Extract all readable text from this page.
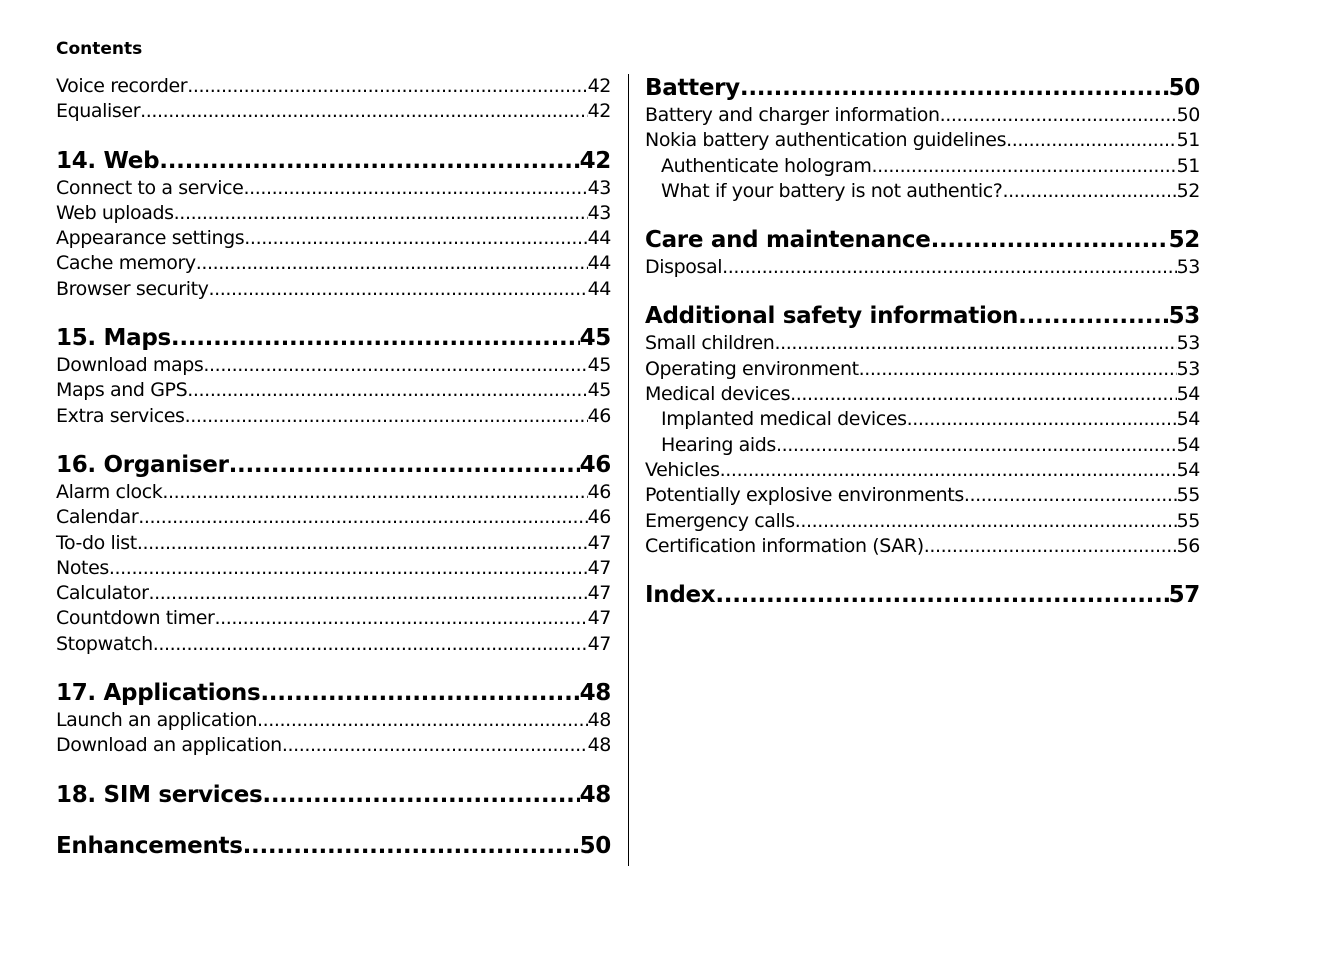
Contents
Voice recorder .....	42
Equaliser .....	42
14. Web .....	42
Connect to a service .....	43
Web uploads .....	43
Appearance settings .....	44
Cache memory .....	44
Browser security .....	44
15. Maps .....	45
Download maps .....	45
Maps and GPS .....	45
Extra services .....	46
16. Organiser .....	46
Alarm clock .....	46
Calendar .....	46
To-do list .....	47
Notes .....	47
Calculator .....	47
Countdown timer .....	47
Stopwatch .....	47
17. Applications .....	48
Launch an application .....	48
Download an application .....	48
18. SIM services .....	48
Enhancements .....	50
Battery .....	50
Battery and charger information .....	50
Nokia battery authentication guidelines .....	51
Authenticate hologram .....	51
What if your battery is not authentic? .....	52
Care and maintenance .....	52
Disposal .....	53
Additional safety information .....	53
Small children .....	53
Operating environment .....	53
Medical devices .....	54
Implanted medical devices .....	54
Hearing aids .....	54
Vehicles .....	54
Potentially explosive environments .....	55
Emergency calls .....	55
Certification information (SAR) .....	56
Index .....	57
